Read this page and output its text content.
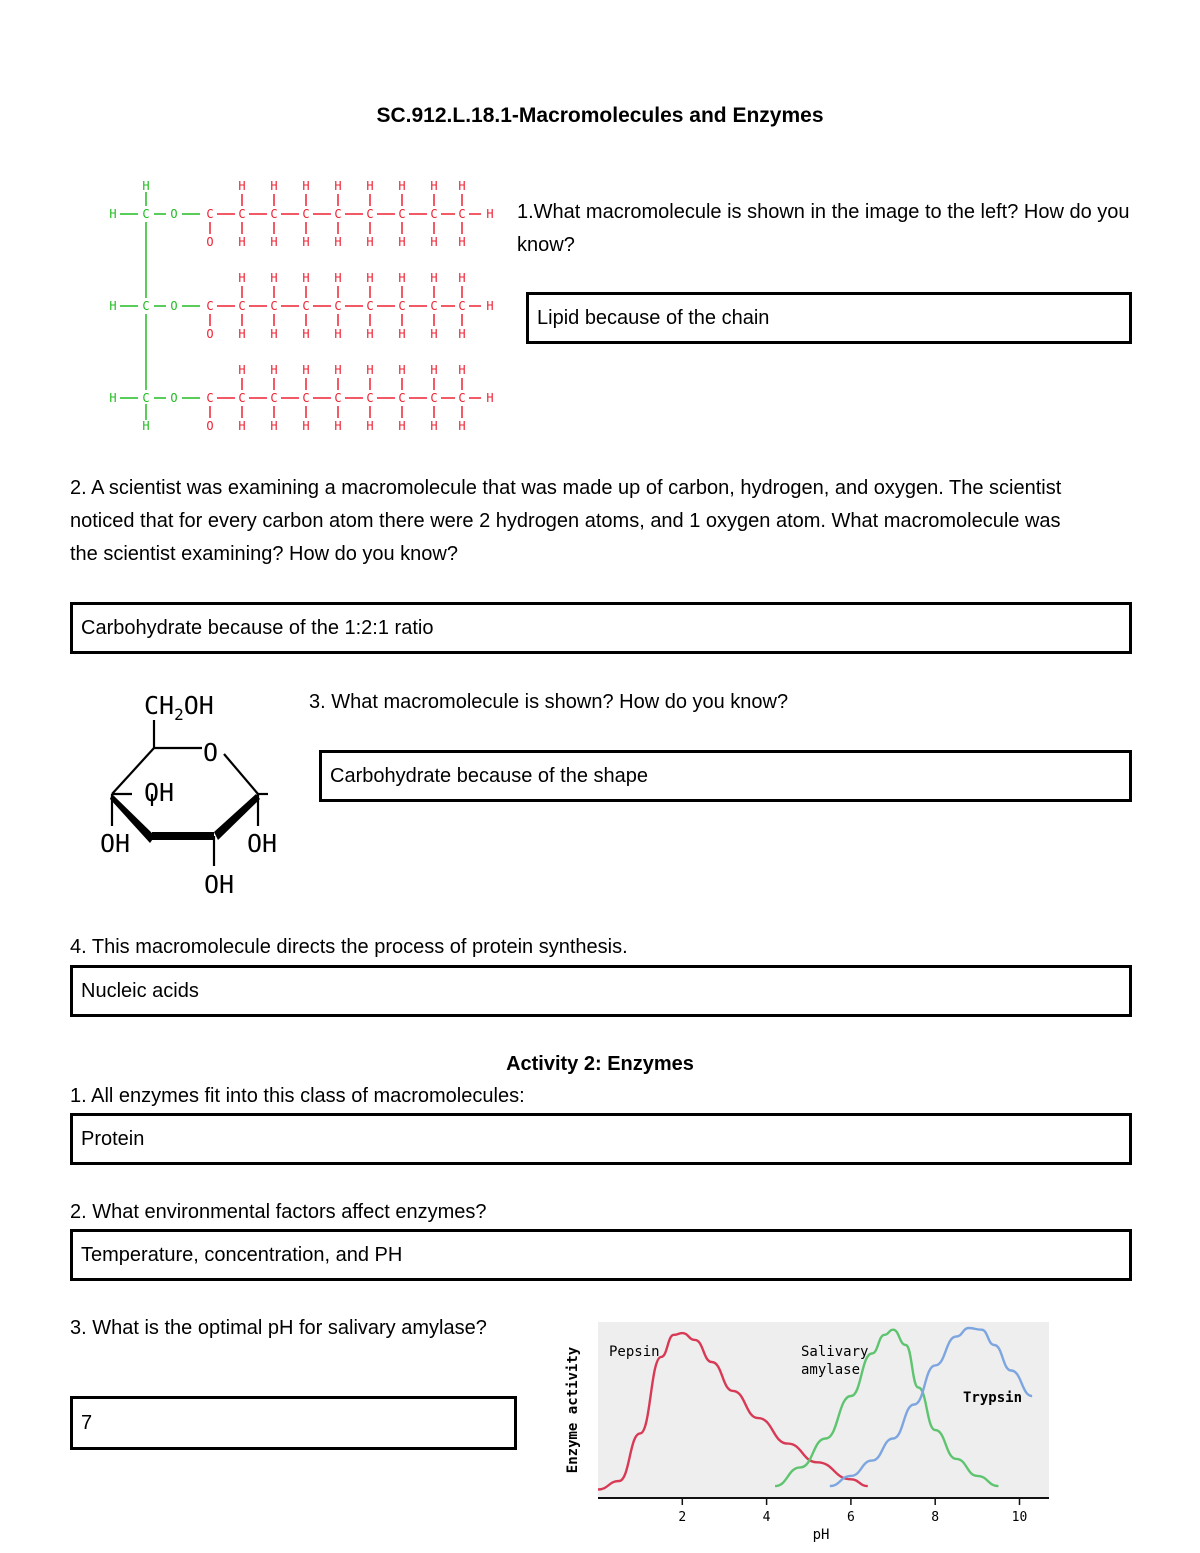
SC.912.L.18.1-Macromolecules and Enzymes
H C O
H C O
H C O
H
H
C
O
C
H
H
C
H
H
C
H
H
C
H
H
C
H
H
C
H
H
C
H
H
C
H
H
H
C
O
C
H
H
C
H
H
C
H
H
C
H
H
C
H
H
C
H
H
C
H
H
C
H
H
H
C
O
C
H
H
C
H
H
C
H
H
C
H
H
C
H
H
C
H
H
C
H
H
C
H
H
H
1.What macromolecule is shown in the image to the left? How do you know?
Lipid because of the chain
2. A scientist was examining a macromolecule that was made up of carbon, hydrogen, and oxygen. The scientist noticed that for every carbon atom there were 2 hydrogen atoms, and 1 oxygen atom. What macromolecule was the scientist examining? How do you know?
Carbohydrate because of the 1:2:1 ratio
$CH_2OH$
O
OH
OH	OH
OH
3. What macromolecule is shown? How do you know?
Carbohydrate because of the shape
4. This macromolecule directs the process of protein synthesis.
Nucleic acids
Activity 2: Enzymes
1. All enzymes fit into this class of macromolecules:
Protein
2. What environmental factors affect enzymes?
Temperature, concentration, and PH
3. What is the optimal pH for salivary amylase?
7
2	4	6	8	10
Enzyme activity
pH
Pepsin	Salivary amylase
Trypsin
